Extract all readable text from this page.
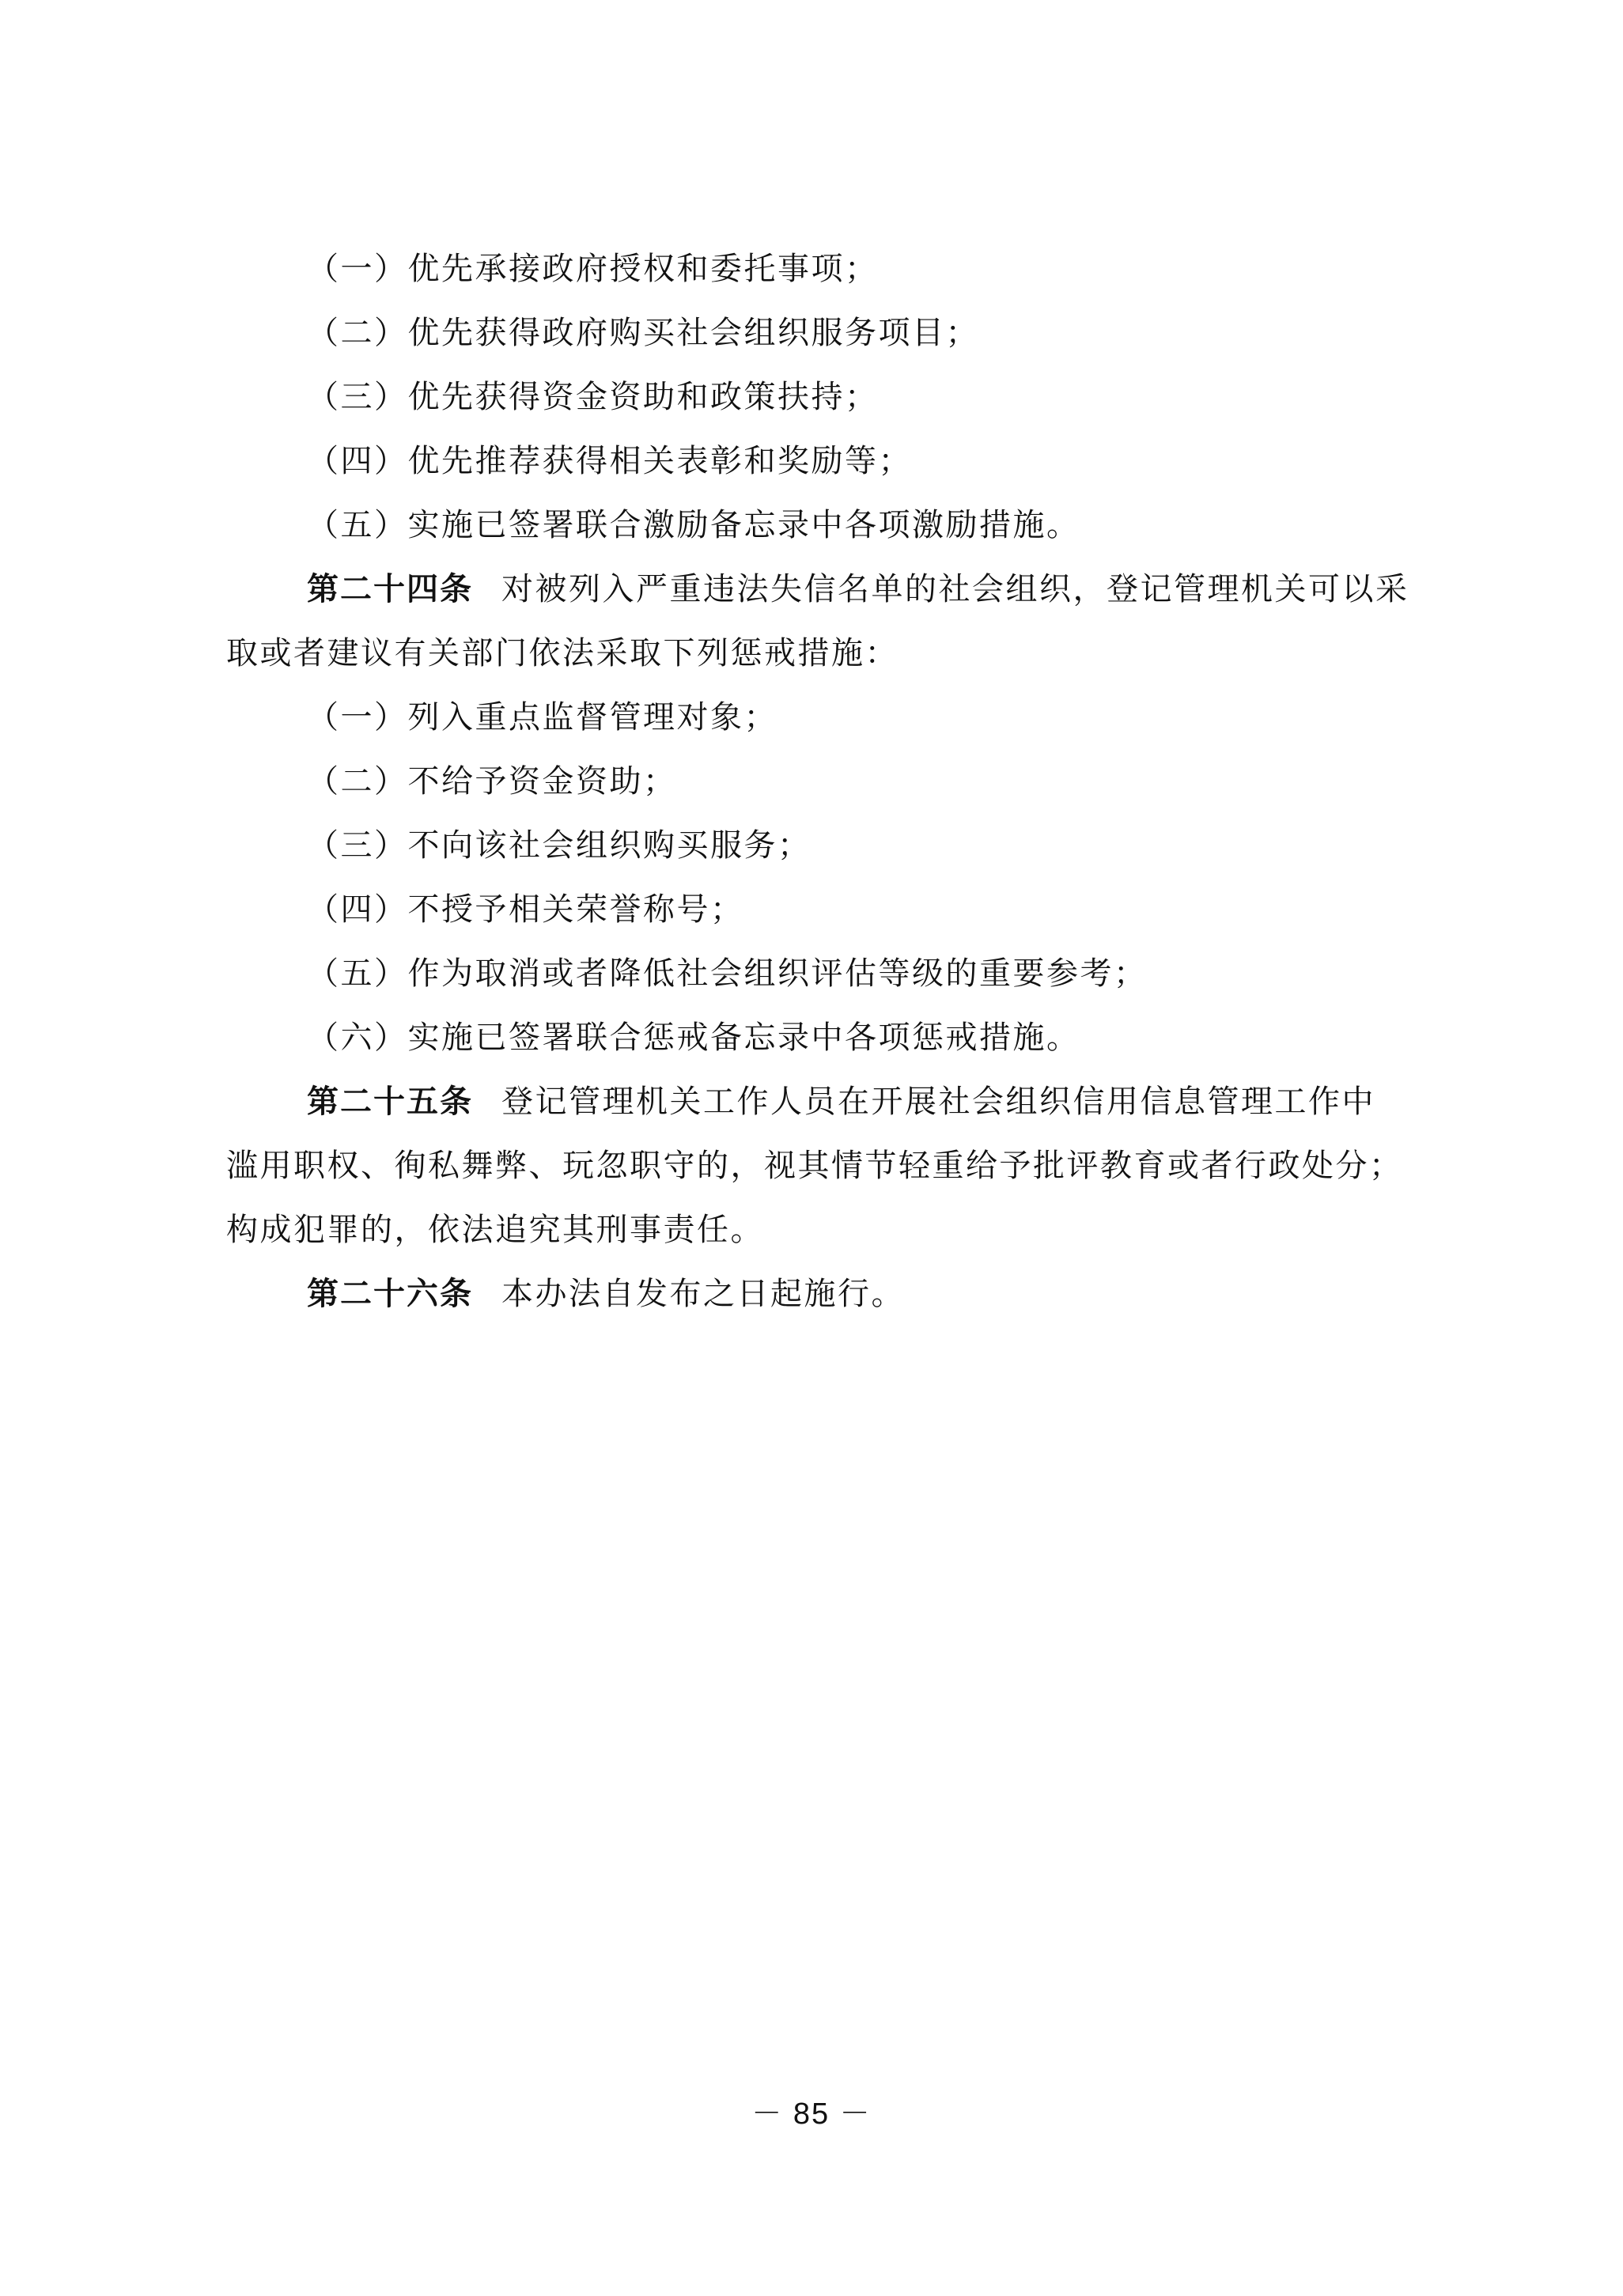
（一）优先承接政府授权和委托事项；
（二）优先获得政府购买社会组织服务项目；
（三）优先获得资金资助和政策扶持；
（四）优先推荐获得相关表彰和奖励等；
（五）实施已签署联合激励备忘录中各项激励措施。
第二十四条 对被列入严重违法失信名单的社会组织，登记管理机关可以采
取或者建议有关部门依法采取下列惩戒措施：
（一）列入重点监督管理对象；
（二）不给予资金资助；
（三）不向该社会组织购买服务；
（四）不授予相关荣誉称号；
（五）作为取消或者降低社会组织评估等级的重要参考；
（六）实施已签署联合惩戒备忘录中各项惩戒措施。
第二十五条 登记管理机关工作人员在开展社会组织信用信息管理工作中
滥用职权、徇私舞弊、玩忽职守的，视其情节轻重给予批评教育或者行政处分；
构成犯罪的，依法追究其刑事责任。
第二十六条 本办法自发布之日起施行。
－ 85 －
